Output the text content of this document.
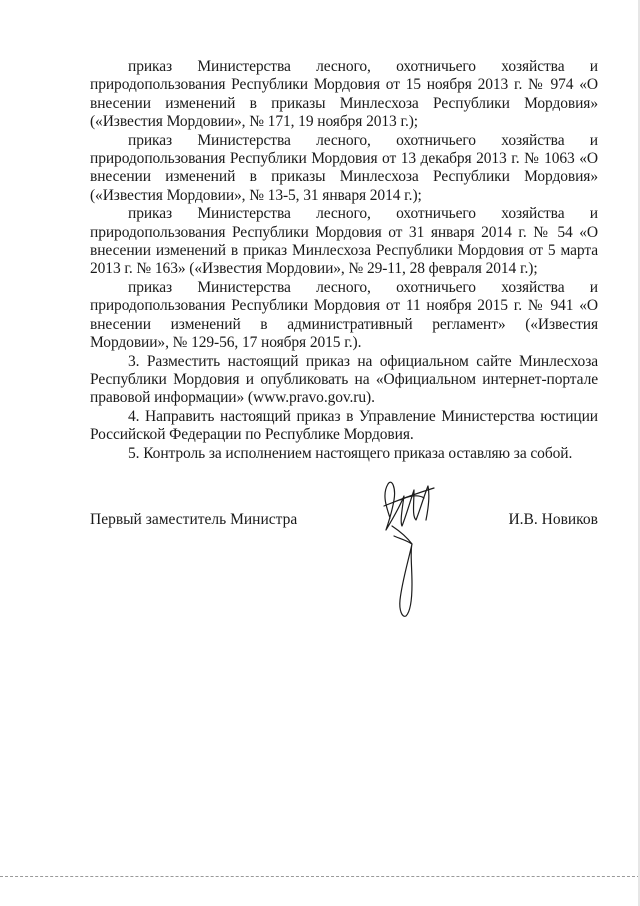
приказ Министерства лесного, охотничьего хозяйства и природопользования Республики Мордовия от 15 ноября 2013 г. № 974 «О внесении изменений в приказы Минлесхоза Республики Мордовия» («Известия Мордовии», № 171, 19 ноября 2013 г.);

приказ Министерства лесного, охотничьего хозяйства и природопользования Республики Мордовия от 13 декабря 2013 г. № 1063 «О внесении изменений в приказы Минлесхоза Республики Мордовия» («Известия Мордовии», № 13-5, 31 января 2014 г.);

приказ Министерства лесного, охотничьего хозяйства и природопользования Республики Мордовия от 31 января 2014 г. № 54 «О внесении изменений в приказ Минлесхоза Республики Мордовия от 5 марта 2013 г. № 163» («Известия Мордовии», № 29-11, 28 февраля 2014 г.);

приказ Министерства лесного, охотничьего хозяйства и природопользования Республики Мордовия от 11 ноября 2015 г. № 941 «О внесении изменений в административный регламент» («Известия Мордовии», № 129-56, 17 ноября 2015 г.).

3. Разместить настоящий приказ на официальном сайте Минлесхоза Республики Мордовия и опубликовать на «Официальном интернет-портале правовой информации» (www.pravo.gov.ru).

4. Направить настоящий приказ в Управление Министерства юстиции Российской Федерации по Республике Мордовия.

5. Контроль за исполнением настоящего приказа оставляю за собой.

Первый заместитель Министра	И.В. Новиков
